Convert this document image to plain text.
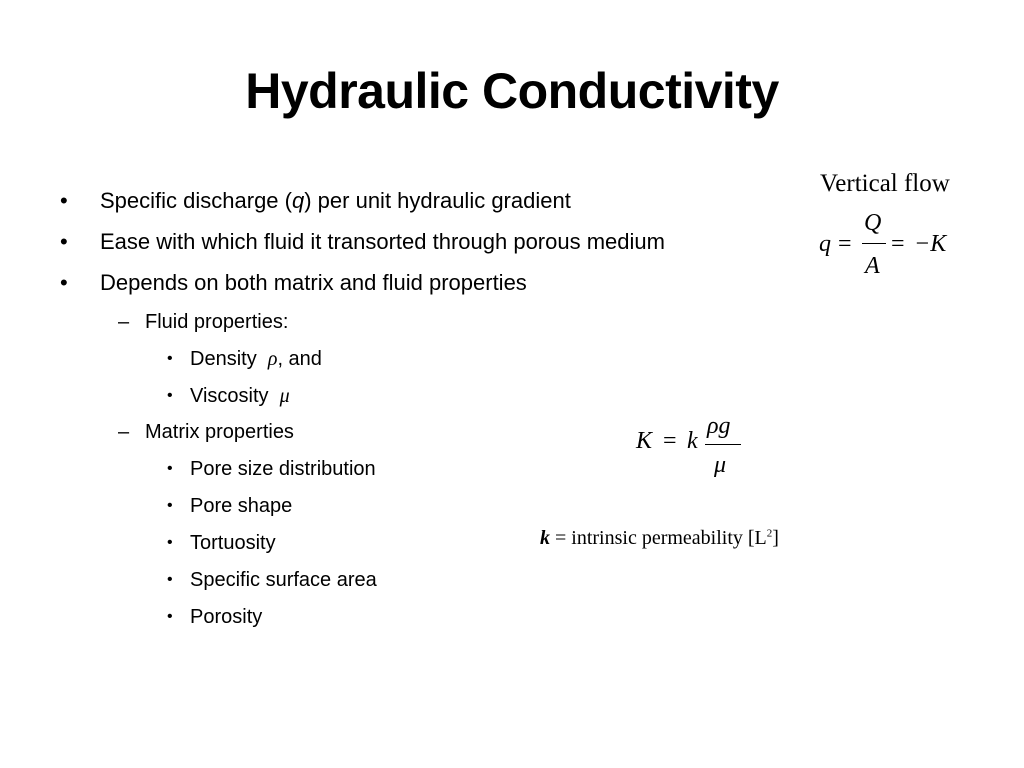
Hydraulic Conductivity
• Specific discharge (q) per unit hydraulic gradient
• Ease with which fluid it transorted through porous medium
• Depends on both matrix and fluid properties
– Fluid properties:
• Density ρ, and
• Viscosity μ
– Matrix properties
• Pore size distribution
• Pore shape
• Tortuosity
• Specific surface area
• Porosity
Vertical flow
q =
Q
A
= −K
K = k
ρg
μ
k = intrinsic permeability $[L^2]$
